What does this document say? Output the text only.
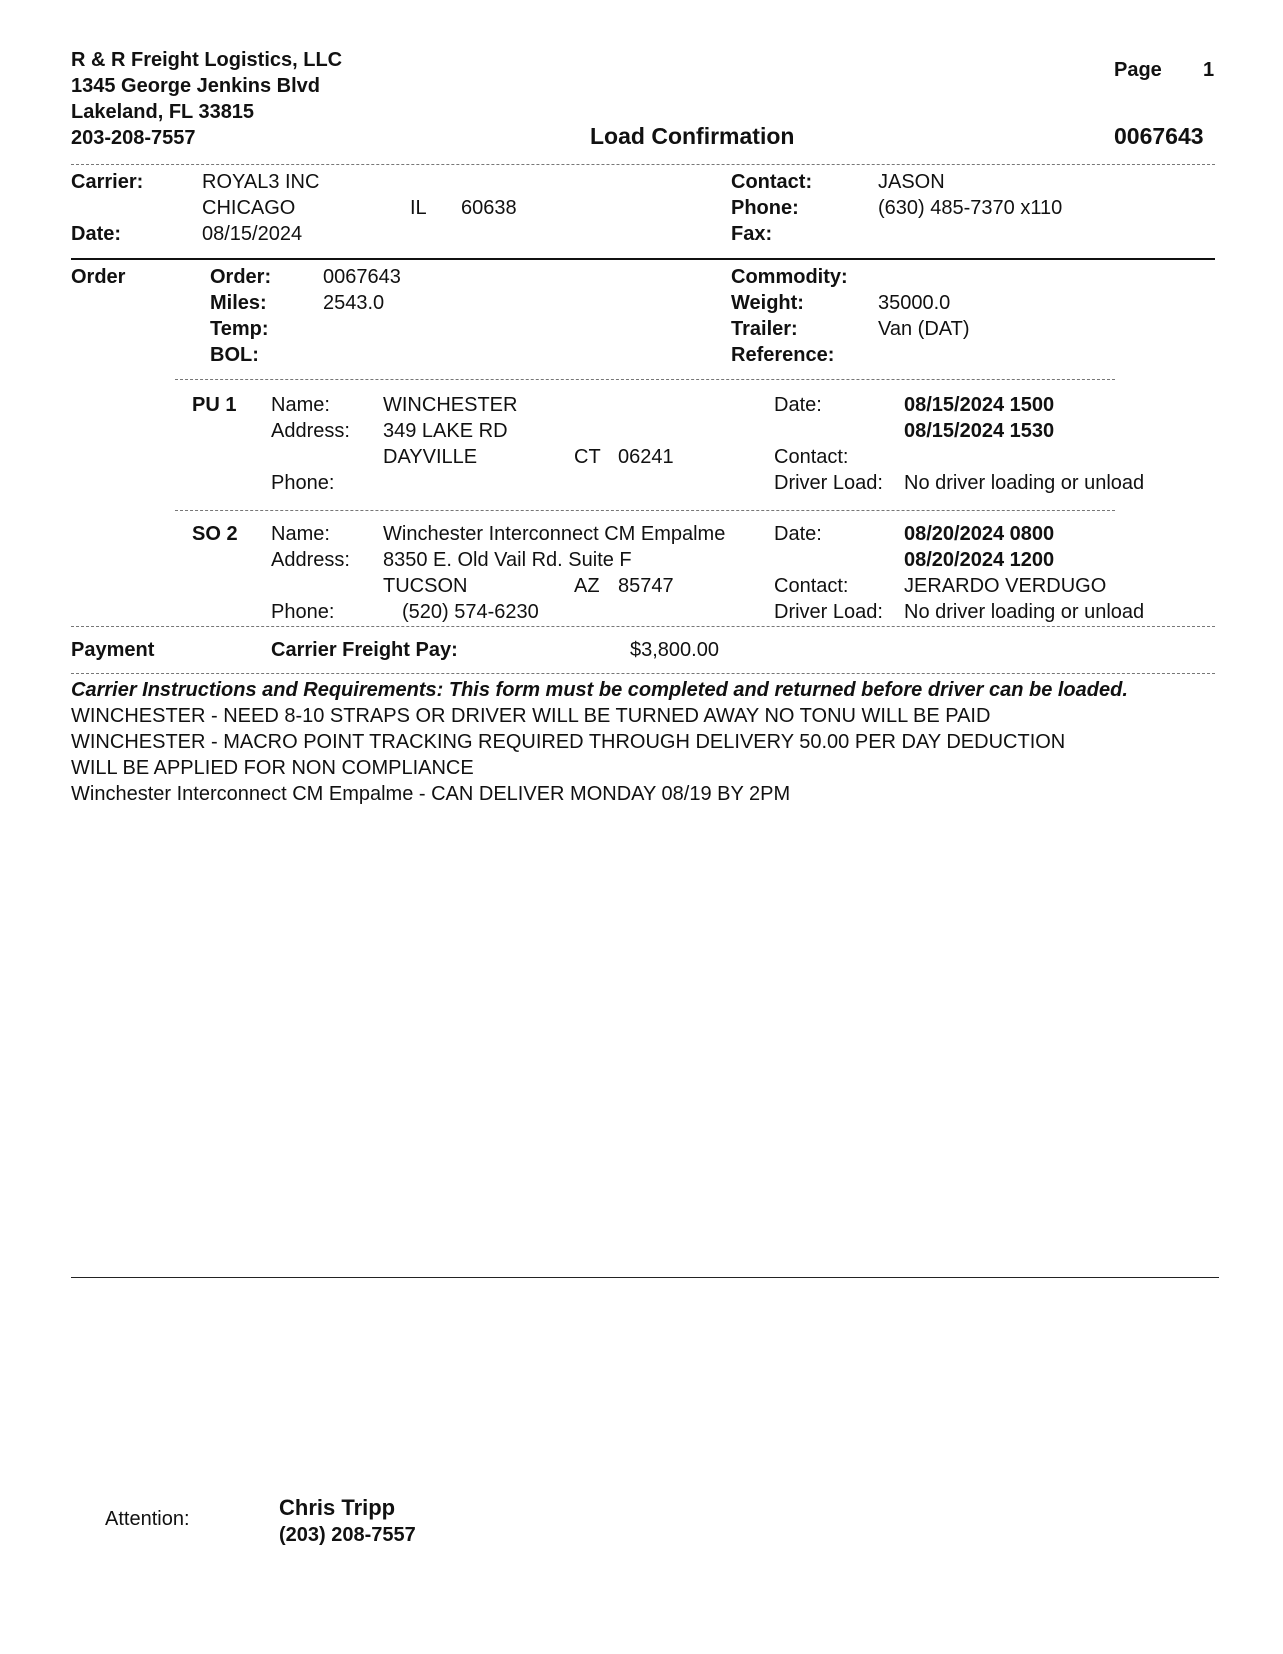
R & R Freight Logistics, LLC
1345 George Jenkins Blvd
Lakeland, FL 33815
203-208-7557
Page 1
Load Confirmation	0067643
Carrier:	ROYAL3 INC
CHICAGO	IL 60638
Date:	08/15/2024
Contact:	JASON
Phone:	(630) 485-7370 x110
Fax:
Order	Order:	0067643
Miles:	2543.0
Temp:
BOL:
Commodity:
Weight:	35000.0
Trailer:	Van (DAT)
Reference:
PU 1 Name:	WINCHESTER
Address: 349 LAKE RD
DAYVILLE	CT 06241
Phone:
Date:	08/15/2024 1500
08/15/2024 1530
Contact:
Driver Load: No driver loading or unload
SO 2 Name:	Winchester Interconnect CM Empalme
Address: 8350 E. Old Vail Rd. Suite F
TUCSON	AZ 85747
Phone:	(520) 574-6230
Date:	08/20/2024 0800
08/20/2024 1200
Contact:	JERARDO VERDUGO
Driver Load: No driver loading or unload
Payment	Carrier Freight Pay:	$3,800.00
Carrier Instructions and Requirements: This form must be completed and returned before driver can be loaded.
WINCHESTER - NEED 8-10 STRAPS OR DRIVER WILL BE TURNED AWAY NO TONU WILL BE PAID
WINCHESTER - MACRO POINT TRACKING REQUIRED THROUGH DELIVERY 50.00 PER DAY DEDUCTION
WILL BE APPLIED FOR NON COMPLIANCE
Winchester Interconnect CM Empalme - CAN DELIVER MONDAY 08/19 BY 2PM
Attention:	Chris Tripp
(203) 208-7557
